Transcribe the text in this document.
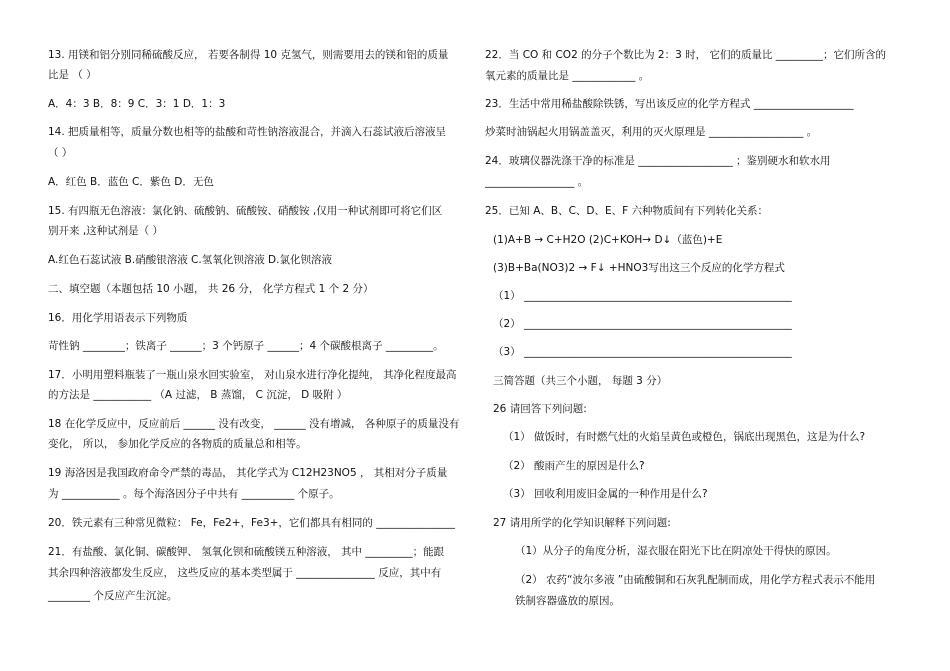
13. 用镁和铝分别同稀硫酸反应， 若要各制得 10 克氢气，则需要用去的镁和铝的质量
比是 （ ）
A．4：3 B．8：9 C．3：1 D．1：3
14. 把质量相等，质量分数也相等的盐酸和苛性钠溶液混合，并滴入石蕊试液后溶液呈
（ ）
A．红色 B．蓝色 C．紫色 D．无色
15. 有四瓶无色溶液：氯化钠、硫酸钠、硫酸铵、硝酸铵 ,仅用一种试剂即可将它们区
别开来 ,这种试剂是（ ）
A.红色石蕊试液 B.硝酸银溶液 C.氢氧化钡溶液 D.氯化钡溶液
二、填空题（本题包括 10 小题， 共 26 分， 化学方程式 1 个 2 分）
16．用化学用语表示下列物质
苛性钠 ________；铁离子 ______；3 个钙原子 ______；4 个碳酸根离子 _________。
17．小明用塑料瓶装了一瓶山泉水回实验室， 对山泉水进行净化提纯， 其净化程度最高
的方法是 ___________ （A 过滤， B 蒸馏， C 沉淀， D 吸附 ）
18 在化学反应中，反应前后 ______ 没有改变， ______ 没有增减， 各种原子的质量没有
变化， 所以， 参加化学反应的各物质的质量总和相等。
19 海洛因是我国政府命令严禁的毒品， 其化学式为 C12H23NO5 ， 其相对分子质量
为 ___________ 。每个海洛因分子中共有 __________ 个原子。
20．铁元素有三种常见微粒： Fe，Fe2+，Fe3+，它们都具有相同的 _______________
21．有盐酸、氯化铜、碳酸钾、 氢氧化钡和硫酸镁五种溶液， 其中 _________；能跟
其余四种溶液都发生反应， 这些反应的基本类型属于 _______________ 反应，其中有
________ 个反应产生沉淀。
22．当 CO 和 CO2 的分子个数比为 2：3 时， 它们的质量比 _________；它们所含的
氧元素的质量比是 ____________ 。
23．生活中常用稀盐酸除铁锈，写出该反应的化学方程式 ___________________
炒菜时油锅起火用锅盖盖灭，利用的灭火原理是 __________________ 。
24．玻璃仪器洗涤干净的标准是 __________________ ；鉴别硬水和软水用
_________________ 。
25．已知 A、B、C、D、E、F 六种物质间有下列转化关系：
(1)A+B → C+H2O (2)C+KOH→ D↓（蓝色)+E
(3)B+Ba(NO3)2 → F↓ +HNO3写出这三个反应的化学方程式
（1） ___________________________________________________
（2） ___________________________________________________
（3） ___________________________________________________
三简答题（共三个小题， 每题 3 分）
26 请回答下列问题:
（1） 做饭时，有时燃气灶的火焰呈黄色或橙色，锅底出现黑色，这是为什么?
（2） 酸雨产生的原因是什么?
（3） 回收利用废旧金属的一种作用是什么?
27 请用所学的化学知识解释下列问题:
（1）从分子的角度分析，湿衣服在阳光下比在阴凉处干得快的原因。
（2） 农药“波尔多液 ”由硫酸铜和石灰乳配制而成，用化学方程式表示不能用
铁制容器盛放的原因。
